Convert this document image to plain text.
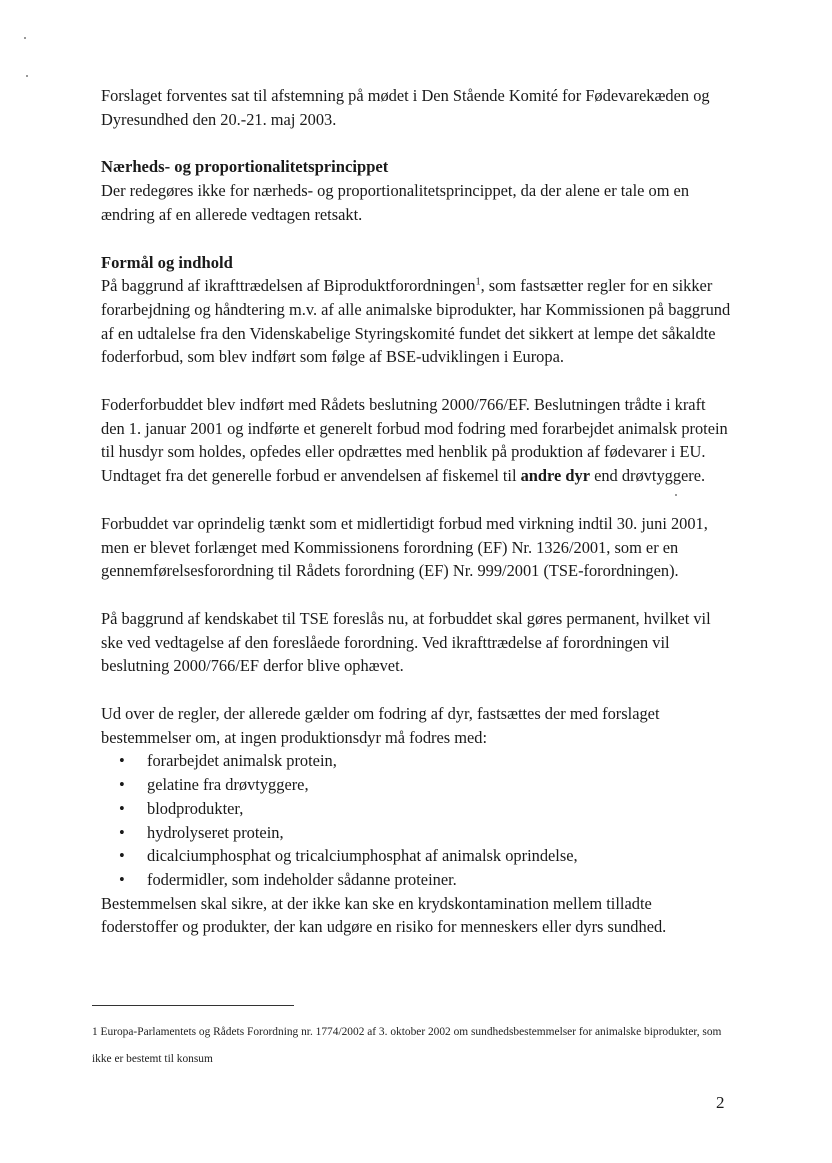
Forslaget forventes sat til afstemning på mødet i Den Stående Komité for Fødevarekæden og Dyresundhed den 20.-21. maj 2003.

Nærheds- og proportionalitetsprincippet

Der redegøres ikke for nærheds- og proportionalitetsprincippet, da der alene er tale om en ændring af en allerede vedtagen retsakt.

Formål og indhold

På baggrund af ikrafttrædelsen af Biproduktforordningen$^1$, som fastsætter regler for en sikker forarbejdning og håndtering m.v. af alle animalske biprodukter, har Kommissionen på baggrund af en udtalelse fra den Videnskabelige Styringskomité fundet det sikkert at lempe det såkaldte foderforbud, som blev indført som følge af BSE-udviklingen i Europa.

Foderforbuddet blev indført med Rådets beslutning 2000/766/EF. Beslutningen trådte i kraft den 1. januar 2001 og indførte et generelt forbud mod fodring med forarbejdet animalsk protein til husdyr som holdes, opfedes eller opdrættes med henblik på produktion af fødevarer i EU. Undtaget fra det generelle forbud er anvendelsen af fiskemel til andre dyr end drøvtyggere.

Forbuddet var oprindelig tænkt som et midlertidigt forbud med virkning indtil 30. juni 2001, men er blevet forlænget med Kommissionens forordning (EF) Nr. 1326/2001, som er en gennemførelsesforordning til Rådets forordning (EF) Nr. 999/2001 (TSE-forordningen).

På baggrund af kendskabet til TSE foreslås nu, at forbuddet skal gøres permanent, hvilket vil ske ved vedtagelse af den foreslåede forordning. Ved ikrafttrædelse af forordningen vil beslutning 2000/766/EF derfor blive ophævet.

Ud over de regler, der allerede gælder om fodring af dyr, fastsættes der med forslaget bestemmelser om, at ingen produktionsdyr må fodres med:

•	forarbejdet animalsk protein,
•	gelatine fra drøvtyggere,
•	blodprodukter,
•	hydrolyseret protein,
•	dicalciumphosphat og tricalciumphosphat af animalsk oprindelse,
•	fodermidler, som indeholder sådanne proteiner.

Bestemmelsen skal sikre, at der ikke kan ske en krydskontamination mellem tilladte foderstoffer og produkter, der kan udgøre en risiko for menneskers eller dyrs sundhed.

1 Europa-Parlamentets og Rådets Forordning nr. 1774/2002 af 3. oktober 2002 om sundhedsbestemmelser for animalske biprodukter, som ikke er bestemt til konsum

2
